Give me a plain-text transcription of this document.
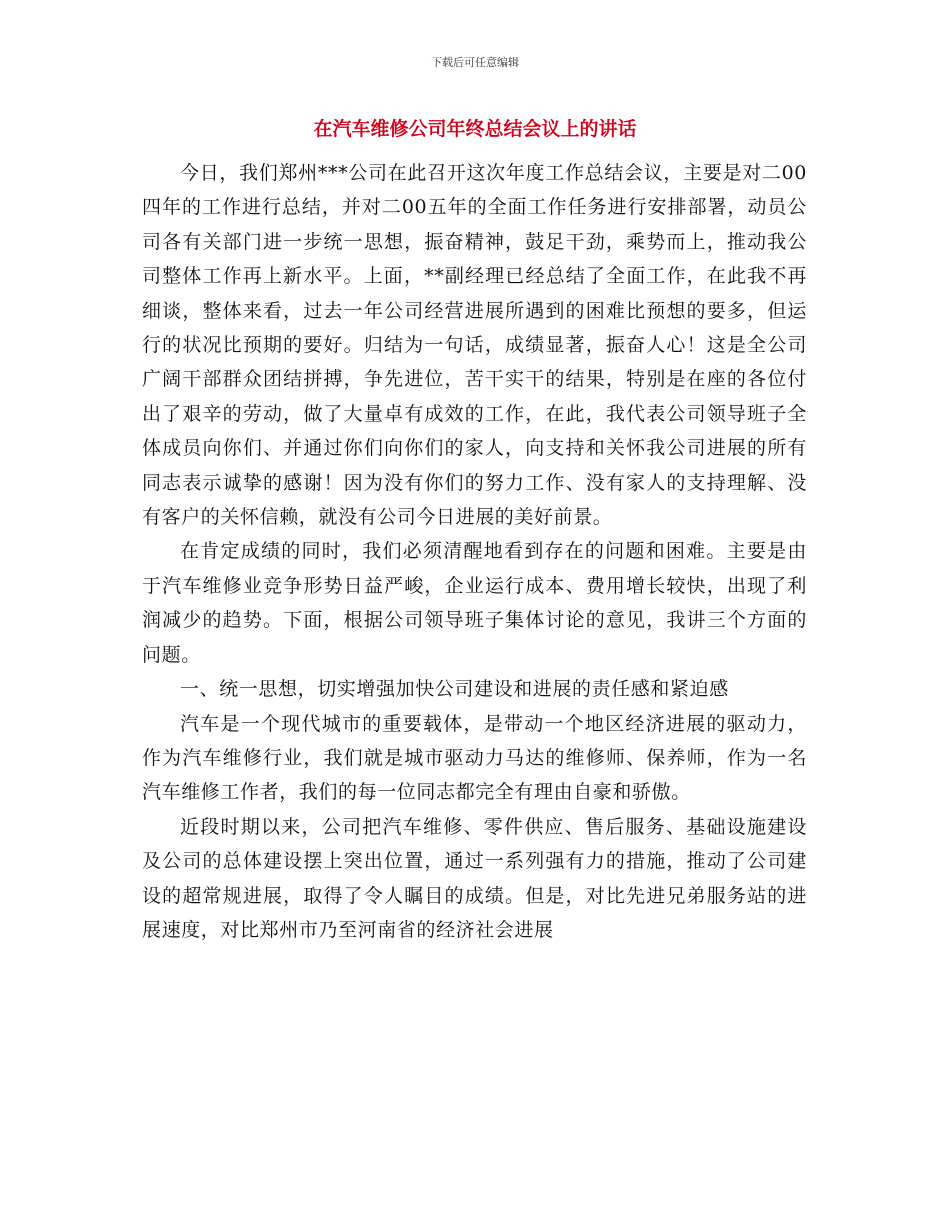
下载后可任意编辑
在汽车维修公司年终总结会议上的讲话

今日，我们郑州***公司在此召开这次年度工作总结会议，主要是对二00四年的工作进行总结，并对二00五年的全面工作任务进行安排部署，动员公司各有关部门进一步统一思想，振奋精神，鼓足干劲，乘势而上，推动我公司整体工作再上新水平。上面，**副经理已经总结了全面工作，在此我不再细谈，整体来看，过去一年公司经营进展所遇到的困难比预想的要多，但运行的状况比预期的要好。归结为一句话，成绩显著，振奋人心！这是全公司广阔干部群众团结拼搏，争先进位，苦干实干的结果，特别是在座的各位付出了艰辛的劳动，做了大量卓有成效的工作，在此，我代表公司领导班子全体成员向你们、并通过你们向你们的家人，向支持和关怀我公司进展的所有同志表示诚挚的感谢！因为没有你们的努力工作、没有家人的支持理解、没有客户的关怀信赖，就没有公司今日进展的美好前景。

在肯定成绩的同时，我们必须清醒地看到存在的问题和困难。主要是由于汽车维修业竞争形势日益严峻，企业运行成本、费用增长较快，出现了利润减少的趋势。下面，根据公司领导班子集体讨论的意见，我讲三个方面的问题。

一、统一思想，切实增强加快公司建设和进展的责任感和紧迫感

汽车是一个现代城市的重要载体，是带动一个地区经济进展的驱动力，作为汽车维修行业，我们就是城市驱动力马达的维修师、保养师，作为一名汽车维修工作者，我们的每一位同志都完全有理由自豪和骄傲。

近段时期以来，公司把汽车维修、零件供应、售后服务、基础设施建设及公司的总体建设摆上突出位置，通过一系列强有力的措施，推动了公司建设的超常规进展，取得了令人瞩目的成绩。但是，对比先进兄弟服务站的进展速度，对比郑州市乃至河南省的经济社会进展
